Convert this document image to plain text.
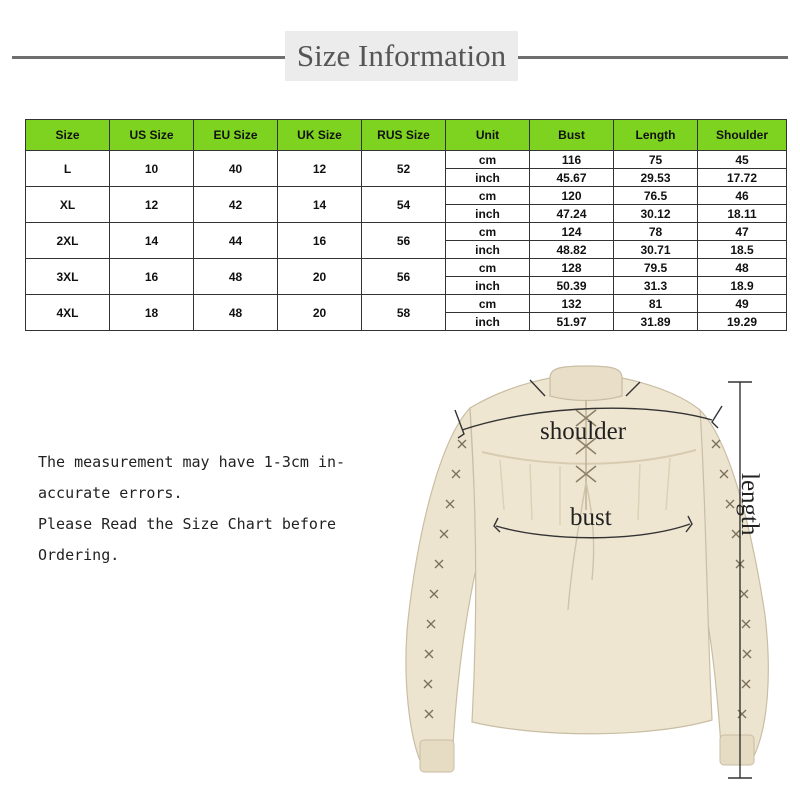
Size Information
Size	US Size	EU Size	UK Size	RUS Size	Unit	Bust	Length	Shoulder
L	10	40	12	52	cm	116	75	45
					inch	45.67	29.53	17.72
XL	12	42	14	54	cm	120	76.5	46
					inch	47.24	30.12	18.11
2XL	14	44	16	56	cm	124	78	47
					inch	48.82	30.71	18.5
3XL	16	48	20	56	cm	128	79.5	48
					inch	50.39	31.3	18.9
4XL	18	48	20	58	cm	132	81	49
					inch	51.97	31.89	19.29
The measurement may have 1-3cm in-
accurate errors.
Please Read the Size Chart before
Ordering.
shoulder
bust	length
